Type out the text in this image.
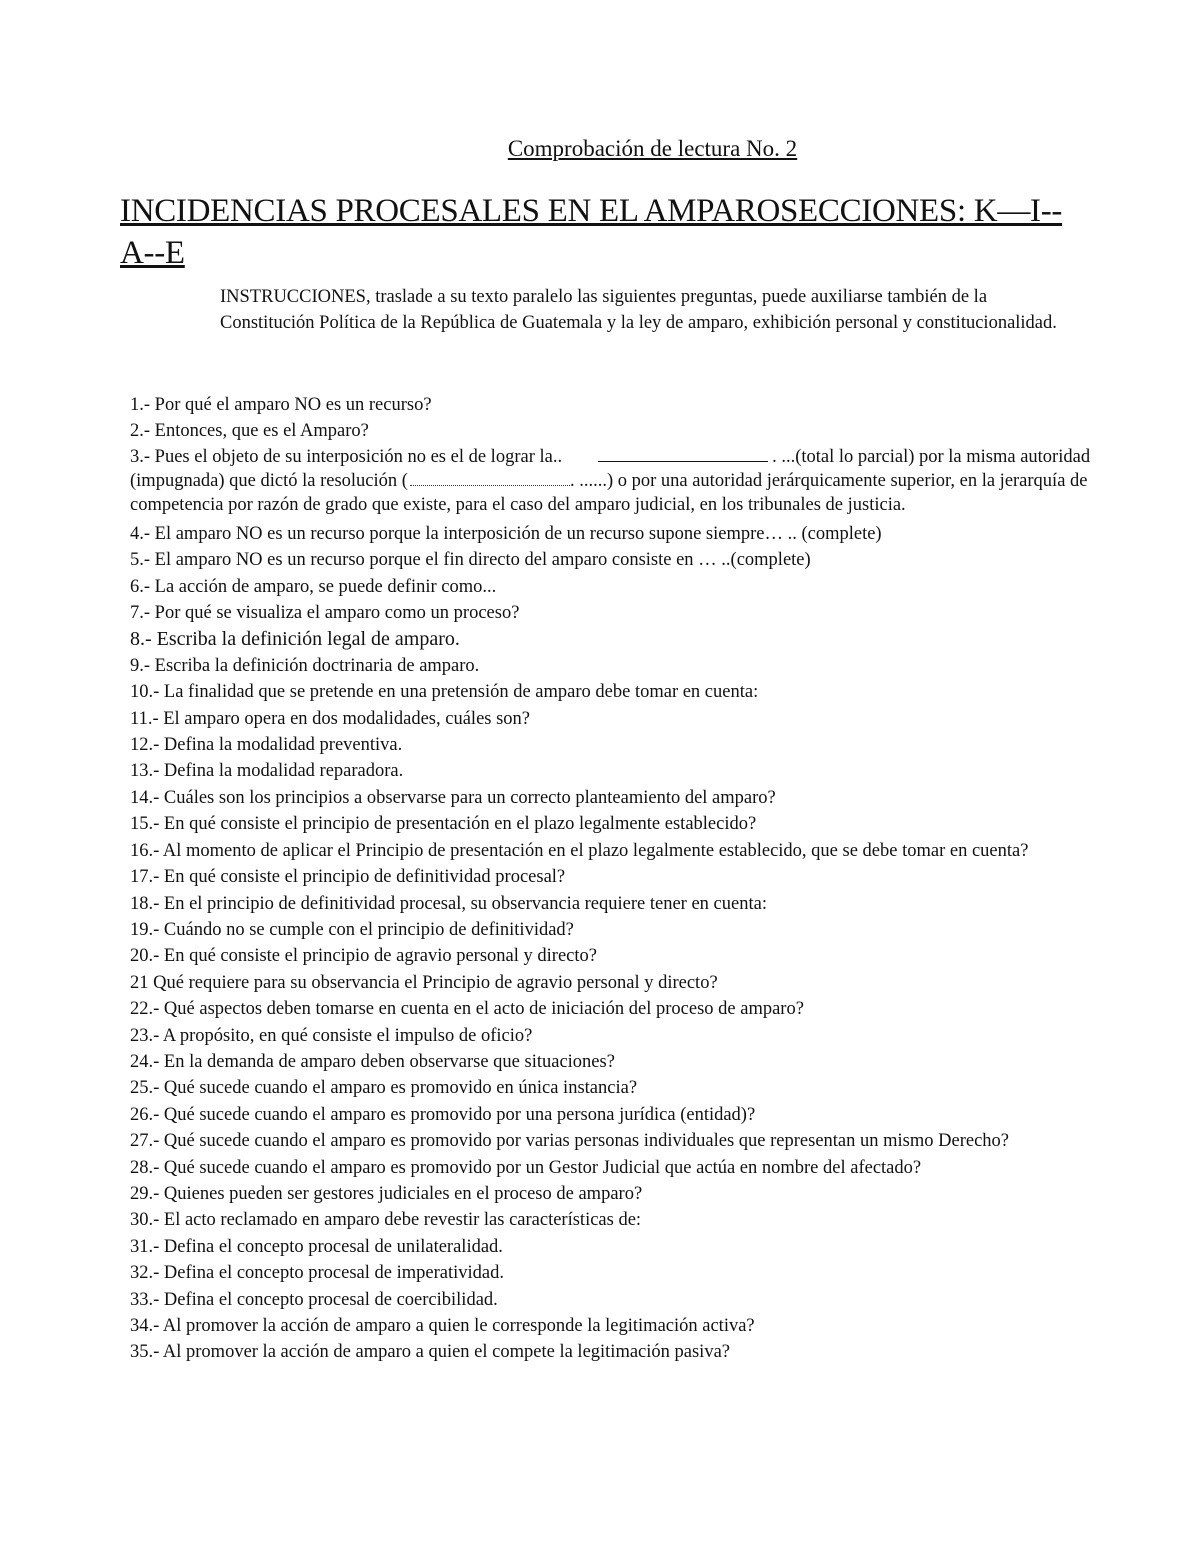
Comprobación de lectura No. 2
INCIDENCIAS PROCESALES EN EL AMPAROSECCIONES: K—I--A--E
INSTRUCCIONES, traslade a su texto paralelo las siguientes preguntas, puede auxiliarse también de la Constitución Política de la República de Guatemala y la ley de amparo, exhibición personal y constitucionalidad.

1.- Por qué el amparo NO es un recurso?

2.- Entonces, que es el Amparo?

3.- Pues el objeto de su interposición no es el de lograr la..	. ...(total lo parcial) por la misma autoridad (impugnada) que dictó la resolución (	. ......) o por una autoridad jerárquicamente superior, en la jerarquía de competencia por razón de grado que existe, para el caso del amparo judicial, en los tribunales de justicia.

4.- El amparo NO es un recurso porque la interposición de un recurso supone siempre… .. (complete)

5.- El amparo NO es un recurso porque el fin directo del amparo consiste en … ..(complete)

6.- La acción de amparo, se puede definir como...

7.- Por qué se visualiza el amparo como un proceso?

8.- Escriba la definición legal de amparo.

9.- Escriba la definición doctrinaria de amparo.

10.- La finalidad que se pretende en una pretensión de amparo debe tomar en cuenta:

11.- El amparo opera en dos modalidades, cuáles son?

12.- Defina la modalidad preventiva.

13.- Defina la modalidad reparadora.

14.- Cuáles son los principios a observarse para un correcto planteamiento del amparo?

15.- En qué consiste el principio de presentación en el plazo legalmente establecido?

16.- Al momento de aplicar el Principio de presentación en el plazo legalmente establecido, que se debe tomar en cuenta?

17.- En qué consiste el principio de definitividad procesal?

18.- En el principio de definitividad procesal, su observancia requiere tener en cuenta:

19.- Cuándo no se cumple con el principio de definitividad?

20.- En qué consiste el principio de agravio personal y directo?

21 Qué requiere para su observancia el Principio de agravio personal y directo?

22.- Qué aspectos deben tomarse en cuenta en el acto de iniciación del proceso de amparo?

23.- A propósito, en qué consiste el impulso de oficio?

24.- En la demanda de amparo deben observarse que situaciones?

25.- Qué sucede cuando el amparo es promovido en única instancia?

26.- Qué sucede cuando el amparo es promovido por una persona jurídica (entidad)?

27.- Qué sucede cuando el amparo es promovido por varias personas individuales que representan un mismo Derecho?

28.- Qué sucede cuando el amparo es promovido por un Gestor Judicial que actúa en nombre del afectado?

29.- Quienes pueden ser gestores judiciales en el proceso de amparo?

30.- El acto reclamado en amparo debe revestir las características de:

31.- Defina el concepto procesal de unilateralidad.

32.- Defina el concepto procesal de imperatividad.

33.- Defina el concepto procesal de coercibilidad.

34.- Al promover la acción de amparo a quien le corresponde la legitimación activa?

35.- Al promover la acción de amparo a quien el compete la legitimación pasiva?
